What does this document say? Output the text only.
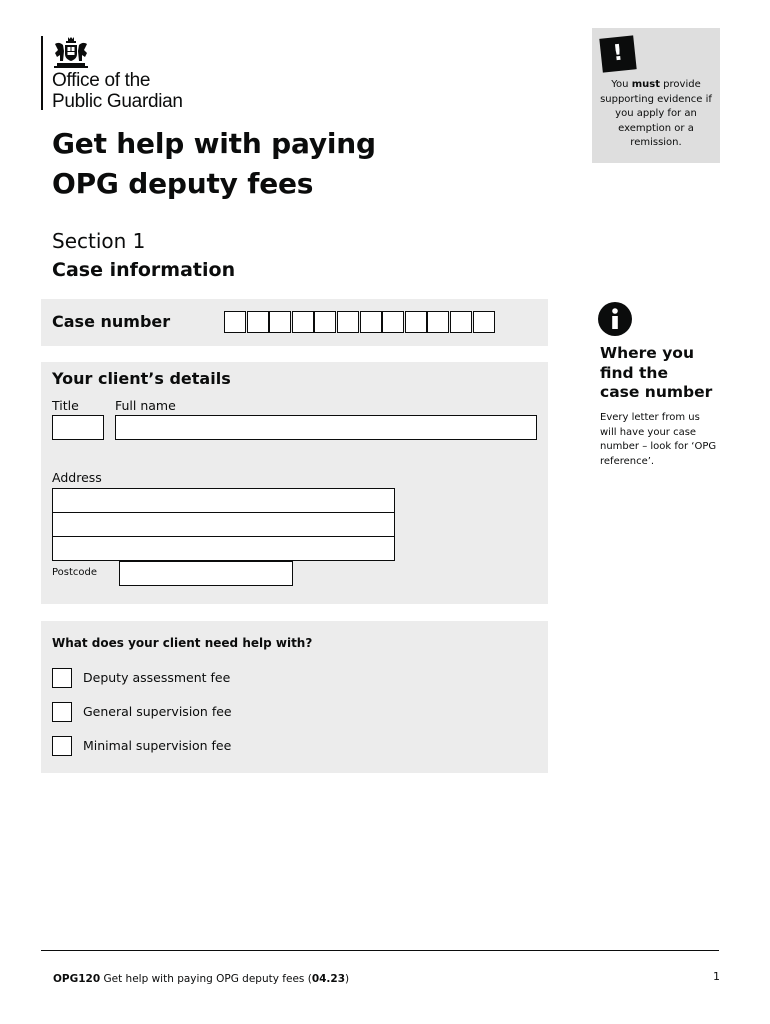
Office of the
Public Guardian
Get help with paying
OPG deputy fees
!
You must provide supporting evidence if you apply for an exemption or a remission.
Section 1
Case information
Case number
Your client’s details
Title	Full name
Address
Postcode
What does your client need help with?
Deputy assessment fee
General supervision fee
Minimal supervision fee
Where you
find the
case number
Every letter from us will have your case number – look for ‘OPG reference’.
OPG120 Get help with paying OPG deputy fees (04.23)	1
